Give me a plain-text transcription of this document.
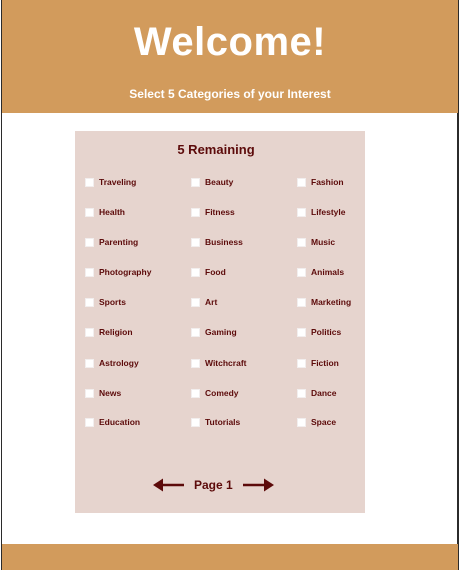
Welcome!
Select 5 Categories of your Interest
5 Remaining
Traveling	Beauty	Fashion
Health	Fitness	Lifestyle
Parenting	Business	Music
Photography	Food	Animals
Sports	Art	Marketing
Religion	Gaming	Politics
Astrology	Witchcraft	Fiction
News	Comedy	Dance
Education	Tutorials	Space
Page 1
